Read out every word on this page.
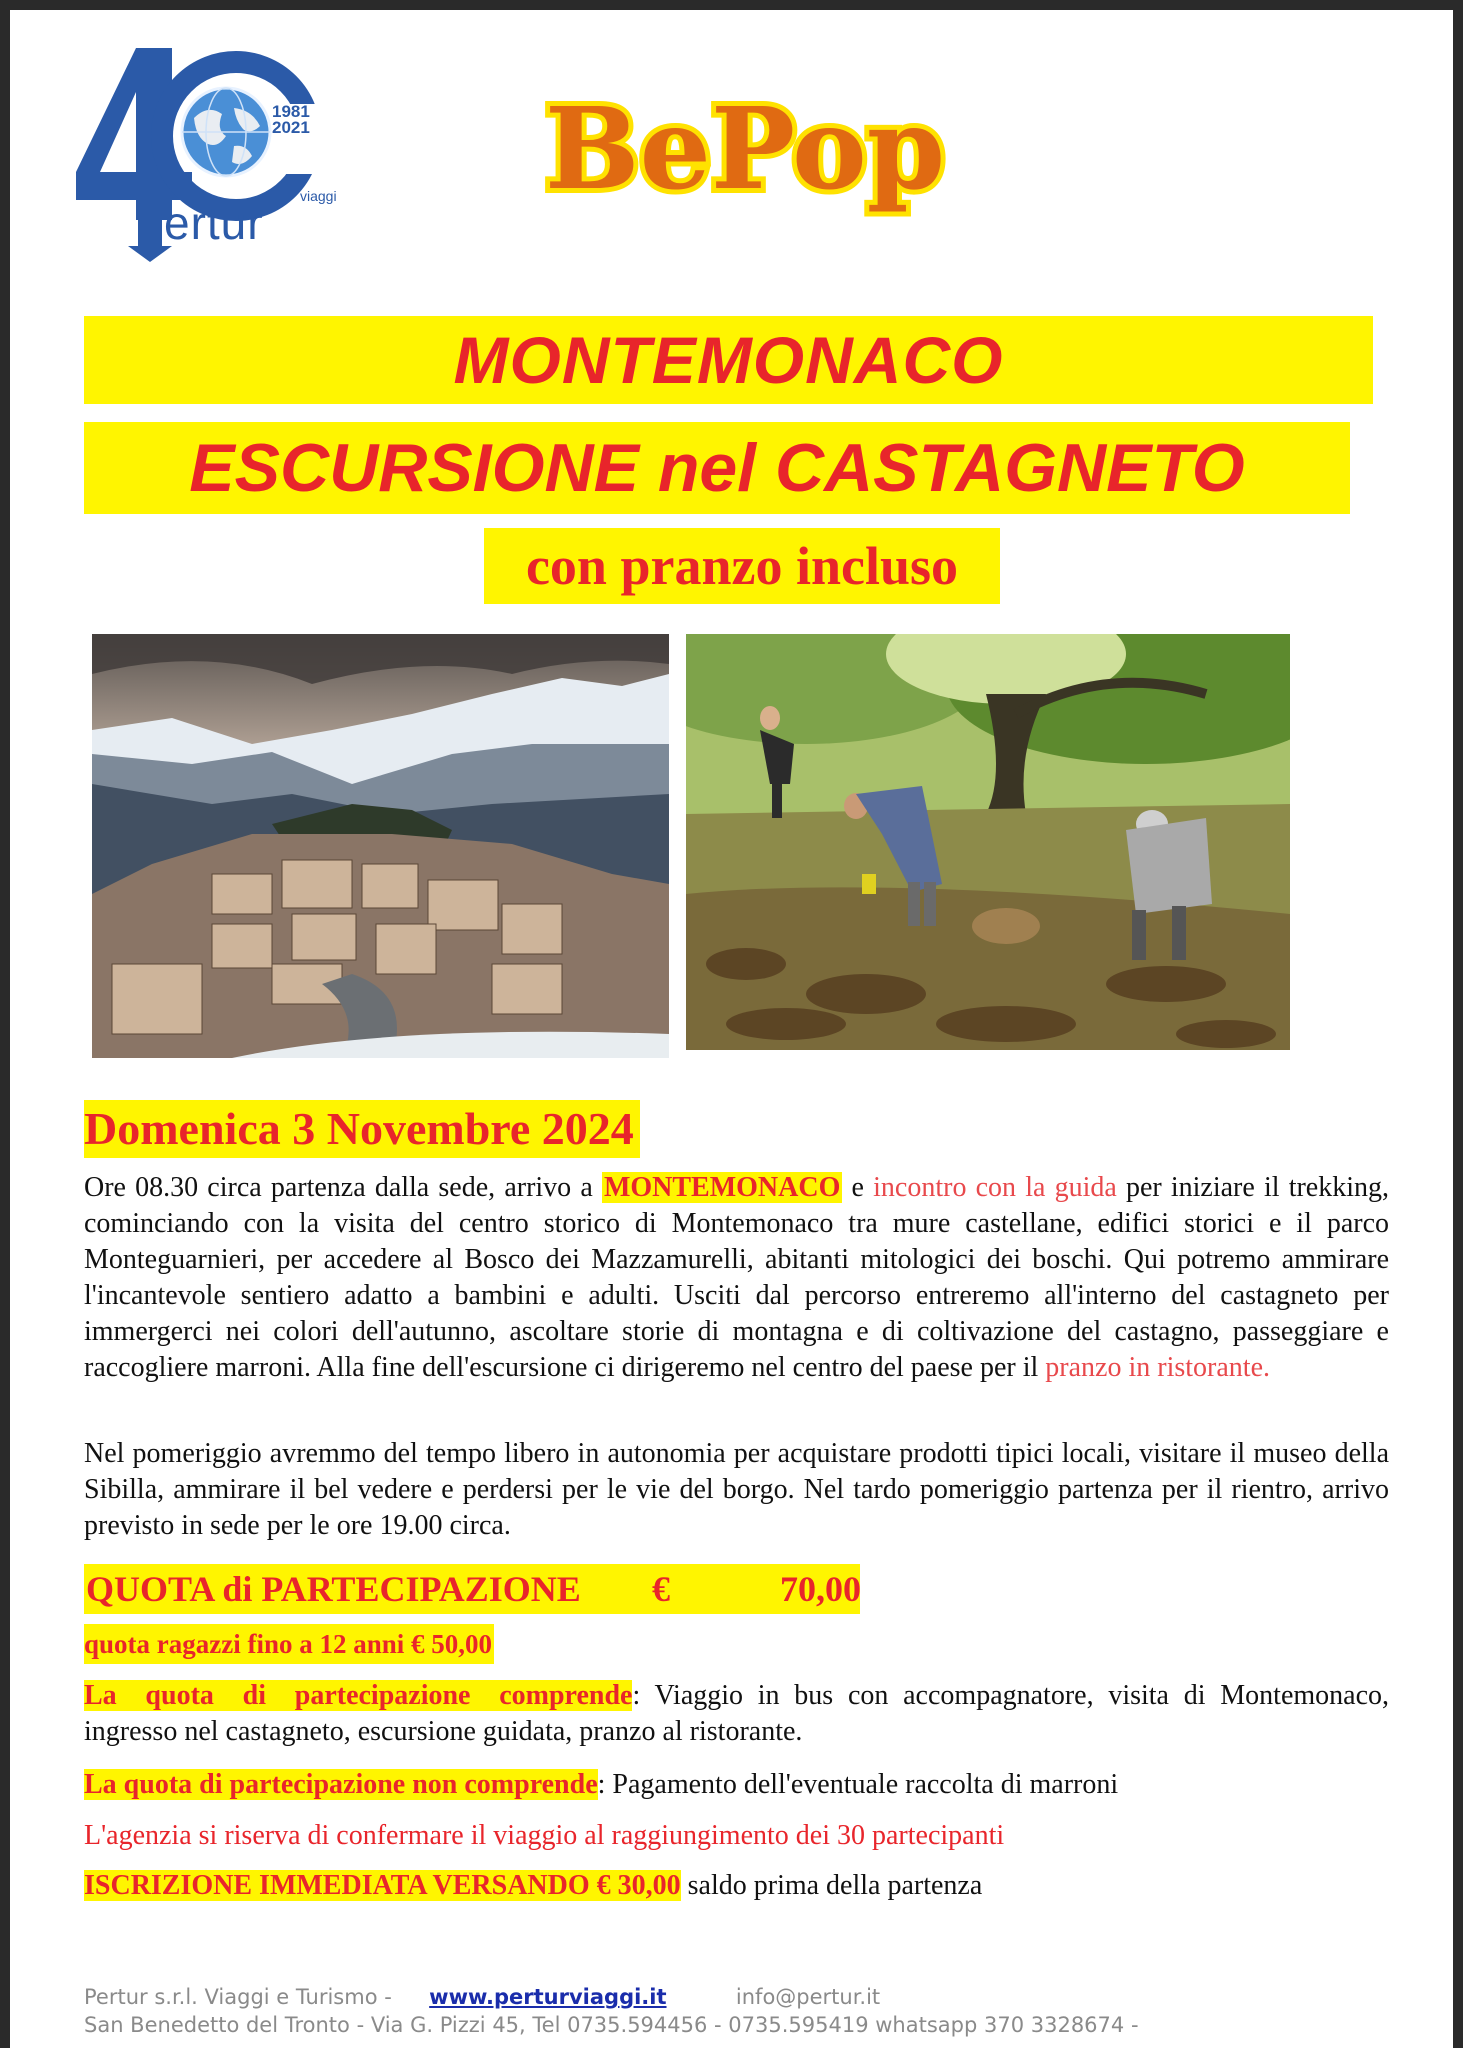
1981
2021
viaggi
ertur
BePop
MONTEMONACO
ESCURSIONE nel CASTAGNETO
con pranzo incluso
Domenica 3 Novembre 2024
Ore 08.30 circa partenza dalla sede, arrivo a MONTEMONACO e incontro con la guida per iniziare il trekking, cominciando con la visita del centro storico di Montemonaco tra mure castellane, edifici storici e il parco Monteguarnieri, per accedere al Bosco dei Mazzamurelli, abitanti mitologici dei boschi. Qui potremo ammirare l'incantevole sentiero adatto a bambini e adulti. Usciti dal percorso entreremo all'interno del castagneto per immergerci nei colori dell'autunno, ascoltare storie di montagna e di coltivazione del castagno, passeggiare e raccogliere marroni. Alla fine dell'escursione ci dirigeremo nel centro del paese per il pranzo in ristorante.
Nel pomeriggio avremmo del tempo libero in autonomia per acquistare prodotti tipici locali, visitare il museo della Sibilla, ammirare il bel vedere e perdersi per le vie del borgo. Nel tardo pomeriggio partenza per il rientro, arrivo previsto in sede per le ore 19.00 circa.
QUOTA di PARTECIPAZIONE €	70,00
quota ragazzi fino a 12 anni € 50,00
La quota di partecipazione comprende: Viaggio in bus con accompagnatore, visita di Montemonaco, ingresso nel castagneto, escursione guidata, pranzo al ristorante.
La quota di partecipazione non comprende: Pagamento dell'eventuale raccolta di marroni
L'agenzia si riserva di confermare il viaggio al raggiungimento dei 30 partecipanti
ISCRIZIONE IMMEDIATA VERSANDO € 30,00 saldo prima della partenza
Pertur s.r.l. Viaggi e Turismo - www.perturviaggi.it	info@pertur.it
San Benedetto del Tronto - Via G. Pizzi 45, Tel 0735.594456 - 0735.595419 whatsapp 370 3328674 -
